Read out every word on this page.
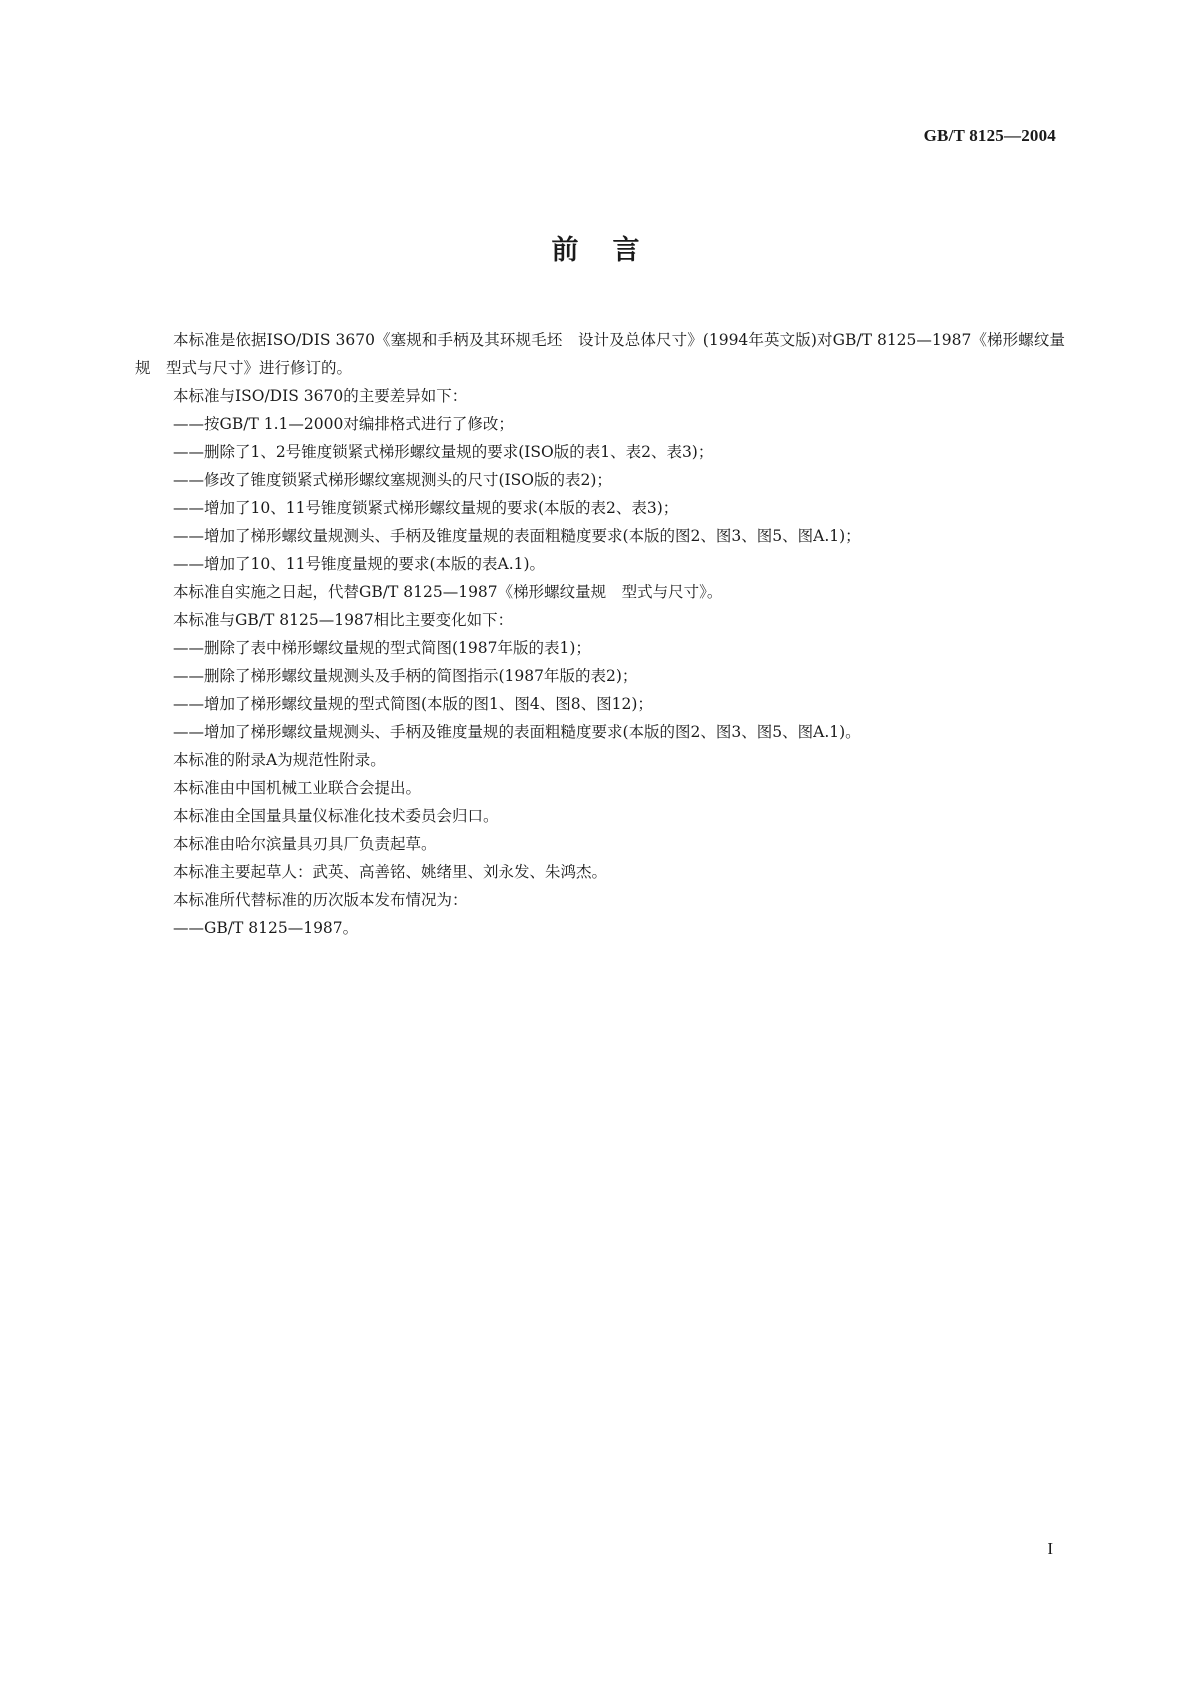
GB/T 8125—2004
前言

本标准是依据ISO/DIS 3670《塞规和手柄及其环规毛坯　设计及总体尺寸》(1994年英文版)对GB/T 8125—1987《梯形螺纹量规　型式与尺寸》进行修订的。

本标准与ISO/DIS 3670的主要差异如下：

——按GB/T 1.1—2000对编排格式进行了修改；

——删除了1、2号锥度锁紧式梯形螺纹量规的要求(ISO版的表1、表2、表3)；

——修改了锥度锁紧式梯形螺纹塞规测头的尺寸(ISO版的表2)；

——增加了10、11号锥度锁紧式梯形螺纹量规的要求(本版的表2、表3)；

——增加了梯形螺纹量规测头、手柄及锥度量规的表面粗糙度要求(本版的图2、图3、图5、图A.1)；

——增加了10、11号锥度量规的要求(本版的表A.1)。

本标准自实施之日起，代替GB/T 8125—1987《梯形螺纹量规　型式与尺寸》。

本标准与GB/T 8125—1987相比主要变化如下：

——删除了表中梯形螺纹量规的型式简图(1987年版的表1)；

——删除了梯形螺纹量规测头及手柄的简图指示(1987年版的表2)；

——增加了梯形螺纹量规的型式简图(本版的图1、图4、图8、图12)；

——增加了梯形螺纹量规测头、手柄及锥度量规的表面粗糙度要求(本版的图2、图3、图5、图A.1)。

本标准的附录A为规范性附录。

本标准由中国机械工业联合会提出。

本标准由全国量具量仪标准化技术委员会归口。

本标准由哈尔滨量具刃具厂负责起草。

本标准主要起草人：武英、高善铭、姚绪里、刘永发、朱鸿杰。

本标准所代替标准的历次版本发布情况为：

——GB/T 8125—1987。

I
